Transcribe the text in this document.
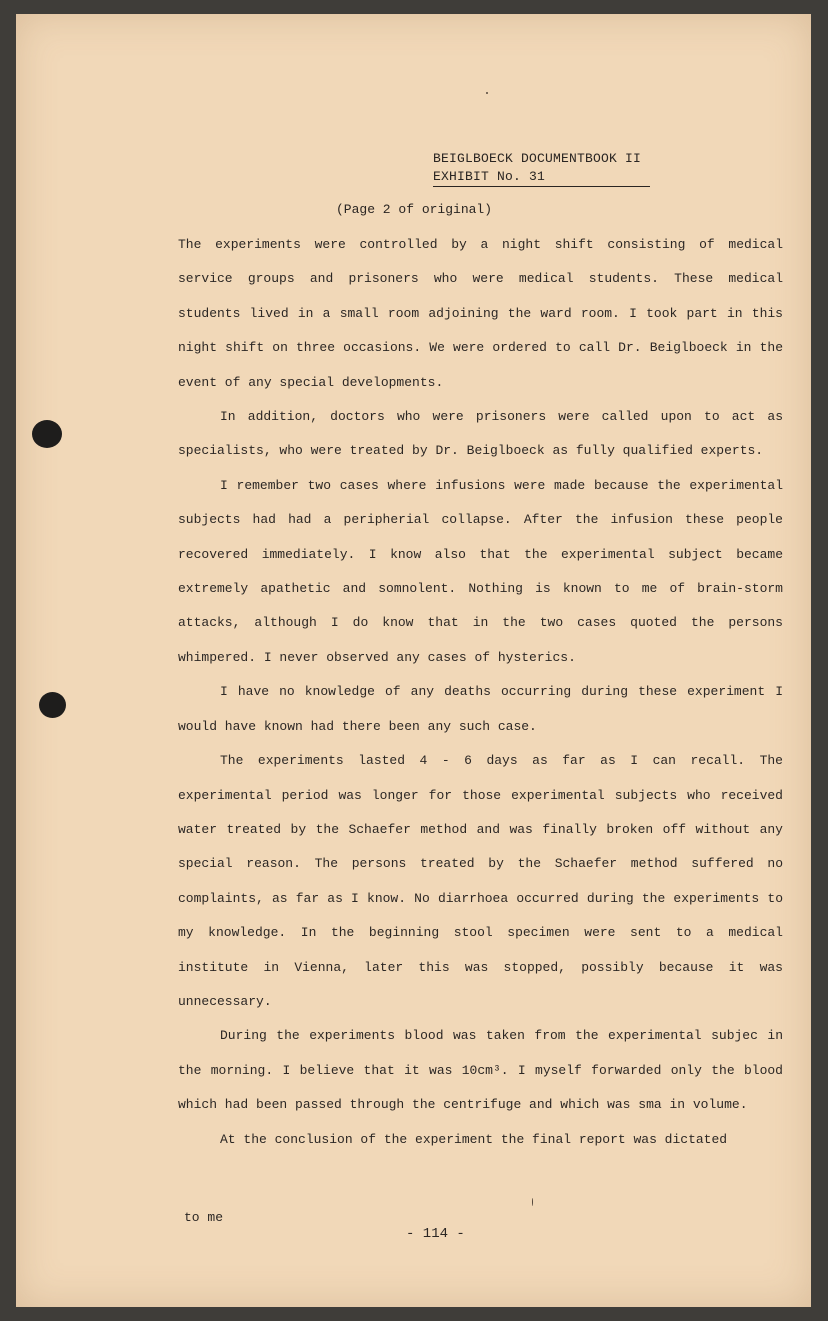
BEIGLBOECK DOCUMENTBOOK II
EXHIBIT No. 31
(Page 2 of original)

The experiments were controlled by a night shift consisting of medical service groups and prisoners who were medical students. These medical students lived in a small room adjoining the ward room. I took part in this night shift on three occasions. We were ordered to call Dr. Beiglboeck in the event of any special developments.

In addition, doctors who were prisoners were called upon to act as specialists, who were treated by Dr. Beiglboeck as fully qualified experts.

I remember two cases where infusions were made because the experimental subjects had had a peripherial collapse. After the infusion these people recovered immediately. I know also that the experimental subject became extremely apathetic and somnolent. Nothing is known to me of brain-storm attacks, although I do know that in the two cases quoted the persons whimpered. I never observed any cases of hysterics.

I have no knowledge of any deaths occurring during these experiment I would have known had there been any such case.

The experiments lasted 4 - 6 days as far as I can recall. The experimental period was longer for those experimental subjects who received water treated by the Schaefer method and was finally broken off without any special reason. The persons treated by the Schaefer method suffered no complaints, as far as I know. No diarrhoea occurred during the experiments to my knowledge. In the beginning stool specimen were sent to a medical institute in Vienna, later this was stopped, possibly because it was unnecessary.

During the experiments blood was taken from the experimental subjec in the morning. I believe that it was 10cm³. I myself forwarded only the blood which had been passed through the centrifuge and which was sma in volume.

At the conclusion of the experiment the final report was dictated

to me
- 114 -
